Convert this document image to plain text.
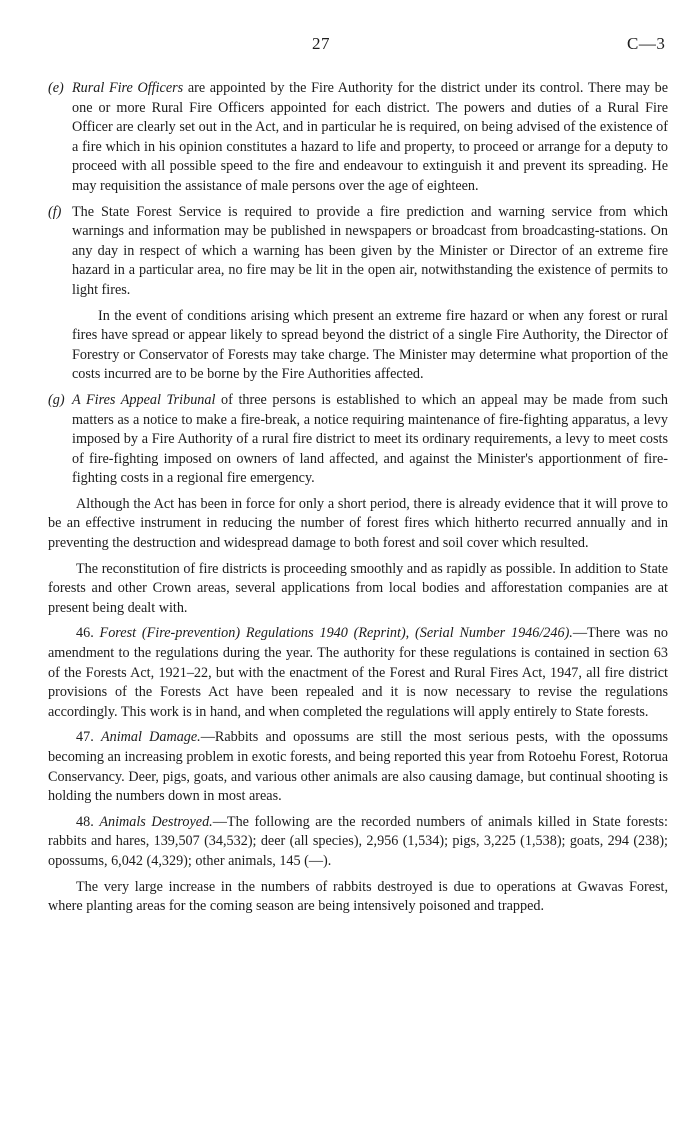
27	C—3

(e) Rural Fire Officers are appointed by the Fire Authority for the district under its control. There may be one or more Rural Fire Officers appointed for each district. The powers and duties of a Rural Fire Officer are clearly set out in the Act, and in particular he is required, on being advised of the existence of a fire which in his opinion constitutes a hazard to life and property, to proceed or arrange for a deputy to proceed with all possible speed to the fire and endeavour to extinguish it and prevent its spreading. He may requisition the assistance of male persons over the age of eighteen.

(f) The State Forest Service is required to provide a fire prediction and warning service from which warnings and information may be published in newspapers or broadcast from broadcasting-stations. On any day in respect of which a warning has been given by the Minister or Director of an extreme fire hazard in a particular area, no fire may be lit in the open air, notwithstanding the existence of permits to light fires.

In the event of conditions arising which present an extreme fire hazard or when any forest or rural fires have spread or appear likely to spread beyond the district of a single Fire Authority, the Director of Forestry or Conservator of Forests may take charge. The Minister may determine what proportion of the costs incurred are to be borne by the Fire Authorities affected.

(g) A Fires Appeal Tribunal of three persons is established to which an appeal may be made from such matters as a notice to make a fire-break, a notice requiring maintenance of fire-fighting apparatus, a levy imposed by a Fire Authority of a rural fire district to meet its ordinary requirements, a levy to meet costs of fire-fighting imposed on owners of land affected, and against the Minister's apportionment of fire-fighting costs in a regional fire emergency.

Although the Act has been in force for only a short period, there is already evidence that it will prove to be an effective instrument in reducing the number of forest fires which hitherto recurred annually and in preventing the destruction and widespread damage to both forest and soil cover which resulted.

The reconstitution of fire districts is proceeding smoothly and as rapidly as possible. In addition to State forests and other Crown areas, several applications from local bodies and afforestation companies are at present being dealt with.

46. Forest (Fire-prevention) Regulations 1940 (Reprint), (Serial Number 1946/246).—There was no amendment to the regulations during the year. The authority for these regulations is contained in section 63 of the Forests Act, 1921–22, but with the enactment of the Forest and Rural Fires Act, 1947, all fire district provisions of the Forests Act have been repealed and it is now necessary to revise the regulations accordingly. This work is in hand, and when completed the regulations will apply entirely to State forests.

47. Animal Damage.—Rabbits and opossums are still the most serious pests, with the opossums becoming an increasing problem in exotic forests, and being reported this year from Rotoehu Forest, Rotorua Conservancy. Deer, pigs, goats, and various other animals are also causing damage, but continual shooting is holding the numbers down in most areas.

48. Animals Destroyed.—The following are the recorded numbers of animals killed in State forests: rabbits and hares, 139,507 (34,532); deer (all species), 2,956 (1,534); pigs, 3,225 (1,538); goats, 294 (238); opossums, 6,042 (4,329); other animals, 145 (—).

The very large increase in the numbers of rabbits destroyed is due to operations at Gwavas Forest, where planting areas for the coming season are being intensively poisoned and trapped.
